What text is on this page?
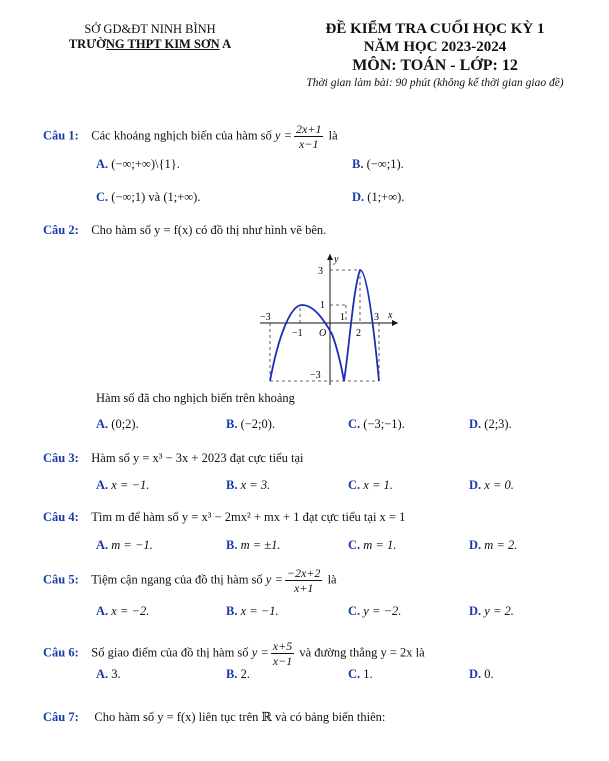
SỞ GD&ĐT NINH BÌNH
TRƯỜNG THPT KIM SƠN A
ĐỀ KIỂM TRA CUỐI HỌC KỲ 1
NĂM HỌC 2023-2024
MÔN: TOÁN - LỚP: 12
Thời gian làm bài: 90 phút (không kể thời gian giao đề)
Câu 1: Các khoảng nghịch biến của hàm số $y = \frac{2x+1}{x-1}$ là
A. (−∞;+∞)\{1}.	B. (−∞;1).
C. (−∞;1) và (1;+∞).	D. (1;+∞).
Câu 2: Cho hàm số y = f(x) có đồ thị như hình vẽ bên.
y
x
3
1
−3	1	3
−1 O	2
−3
Hàm số đã cho nghịch biến trên khoảng
A. (0;2).	B. (−2;0).	C. (−3;−1).	D. (2;3).
Câu 3: Hàm số y = x³ − 3x + 2023 đạt cực tiểu tại
A. x = −1.	B. x = 3.	C. x = 1.	D. x = 0.
Câu 4: Tìm m để hàm số y = x³ − 2mx² + mx + 1 đạt cực tiểu tại x = 1
A. m = −1.	B. m = ±1.	C. m = 1.	D. m = 2.
Câu 5: Tiệm cận ngang của đồ thị hàm số $y = \frac{-2x+2}{x+1}$ là
A. x = −2.	B. x = −1.	C. y = −2.	D. y = 2.
Câu 6: Số giao điểm của đồ thị hàm số $y = \frac{x+5}{x-1}$ và đường thẳng y = 2x là
A. 3.	B. 2.	C. 1.	D. 0.
Câu 7: Cho hàm số y = f(x) liên tục trên ℝ và có bảng biến thiên:
